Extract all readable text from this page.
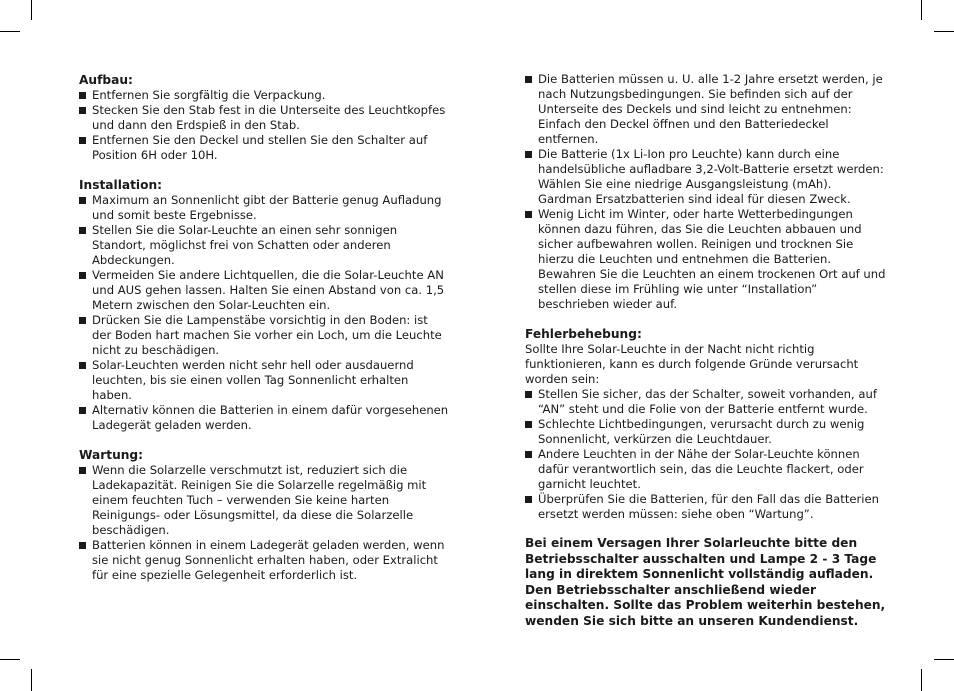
Aufbau:
Entfernen Sie sorgfältig die Verpackung.
Stecken Sie den Stab fest in die Unterseite des Leuchtkopfes und dann den Erdspieß in den Stab.
Entfernen Sie den Deckel und stellen Sie den Schalter auf Position 6H oder 10H.
Installation:
Maximum an Sonnenlicht gibt der Batterie genug Aufladung und somit beste Ergebnisse.
Stellen Sie die Solar-Leuchte an einen sehr sonnigen Standort, möglichst frei von Schatten oder anderen Abdeckungen.
Vermeiden Sie andere Lichtquellen, die die Solar-Leuchte AN und AUS gehen lassen. Halten Sie einen Abstand von ca. 1,5 Metern zwischen den Solar-Leuchten ein.
Drücken Sie die Lampenstäbe vorsichtig in den Boden: ist der Boden hart machen Sie vorher ein Loch, um die Leuchte nicht zu beschädigen.
Solar-Leuchten werden nicht sehr hell oder ausdauernd leuchten, bis sie einen vollen Tag Sonnenlicht erhalten haben.
Alternativ können die Batterien in einem dafür vorgesehenen Ladegerät geladen werden.
Wartung:
Wenn die Solarzelle verschmutzt ist, reduziert sich die Ladekapazität. Reinigen Sie die Solarzelle regelmäßig mit einem feuchten Tuch – verwenden Sie keine harten Reinigungs- oder Lösungsmittel, da diese die Solarzelle beschädigen.
Batterien können in einem Ladegerät geladen werden, wenn sie nicht genug Sonnenlicht erhalten haben, oder Extralicht für eine spezielle Gelegenheit erforderlich ist.
Die Batterien müssen u. U. alle 1-2 Jahre ersetzt werden, je nach Nutzungsbedingungen. Sie befinden sich auf der Unterseite des Deckels und sind leicht zu entnehmen: Einfach den Deckel öffnen und den Batteriedeckel entfernen.
Die Batterie (1x Li-Ion pro Leuchte) kann durch eine handelsübliche aufladbare 3,2-Volt-Batterie ersetzt werden: Wählen Sie eine niedrige Ausgangsleistung (mAh). Gardman Ersatzbatterien sind ideal für diesen Zweck.
Wenig Licht im Winter, oder harte Wetterbedingungen können dazu führen, das Sie die Leuchten abbauen und sicher aufbewahren wollen. Reinigen und trocknen Sie hierzu die Leuchten und entnehmen die Batterien. Bewahren Sie die Leuchten an einem trockenen Ort auf und stellen diese im Frühling wie unter “Installation” beschrieben wieder auf.
Fehlerbehebung:
Sollte Ihre Solar-Leuchte in der Nacht nicht richtig funktionieren, kann es durch folgende Gründe verursacht worden sein:
Stellen Sie sicher, das der Schalter, soweit vorhanden, auf “AN” steht und die Folie von der Batterie entfernt wurde.
Schlechte Lichtbedingungen, verursacht durch zu wenig Sonnenlicht, verkürzen die Leuchtdauer.
Andere Leuchten in der Nähe der Solar-Leuchte können dafür verantwortlich sein, das die Leuchte flackert, oder garnicht leuchtet.
Überprüfen Sie die Batterien, für den Fall das die Batterien ersetzt werden müssen: siehe oben “Wartung”.
Bei einem Versagen Ihrer Solarleuchte bitte den Betriebsschalter ausschalten und Lampe 2 - 3 Tage lang in direktem Sonnenlicht vollständig aufladen. Den Betriebsschalter anschließend wieder einschalten. Sollte das Problem weiterhin bestehen, wenden Sie sich bitte an unseren Kundendienst.
